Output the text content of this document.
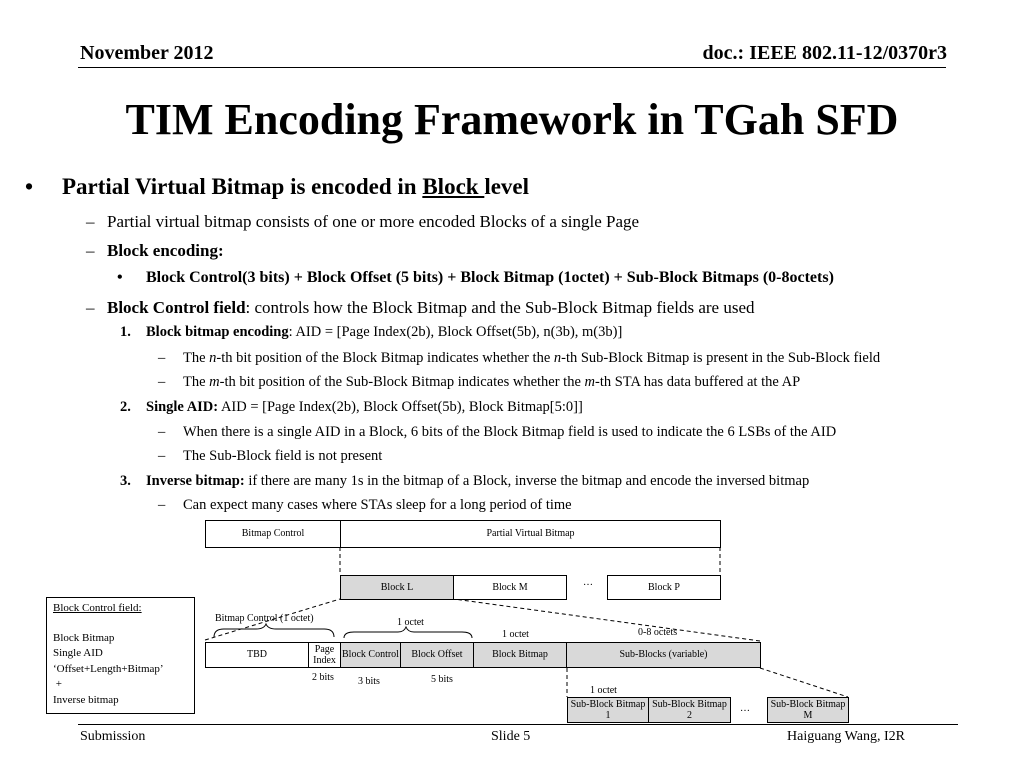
November 2012	doc.: IEEE 802.11-12/0370r3
TIM Encoding Framework in TGah SFD
• Partial Virtual Bitmap is encoded in Block level
– Partial virtual bitmap consists of one or more encoded Blocks of a single Page
– Block encoding:
• Block Control(3 bits) + Block Offset (5 bits) + Block Bitmap (1octet) + Sub-Block Bitmaps (0-8octets)
– Block Control field: controls how the Block Bitmap and the Sub-Block Bitmap fields are used
1. Block bitmap encoding: AID = [Page Index(2b), Block Offset(5b), n(3b), m(3b)]
– The n-th bit position of the Block Bitmap indicates whether the n-th Sub-Block Bitmap is present in the Sub-Block field
– The m-th bit position of the Sub-Block Bitmap indicates whether the m-th STA has data buffered at the AP
2. Single AID: AID = [Page Index(2b), Block Offset(5b), Block Bitmap[5:0]]
– When there is a single AID in a Block, 6 bits of the Block Bitmap field is used to indicate the 6 LSBs of the AID
– The Sub-Block field is not present
3. Inverse bitmap: if there are many 1s in the bitmap of a Block, inverse the bitmap and encode the inversed bitmap
– Can expect many cases where STAs sleep for a long period of time
Bitmap Control	Partial Virtual Bitmap
Block L	Block M	…	Block P
Bitmap Control (1 octet)	1 octet
1 octet	0-8 octets
TBD
Page Index
Block Control	Block Offset	Block Bitmap	Sub-Blocks (variable)
2 bits 3 bits	5 bits
1 octet
Sub-Block Bitmap 1
Sub-Block Bitmap 2
…	Sub-Block Bitmap M
Block Control field:
Block Bitmap
Single AID
‘Offset+Length+Bitmap’
+
Inverse bitmap
Submission	Slide 5	Haiguang Wang, I2R
